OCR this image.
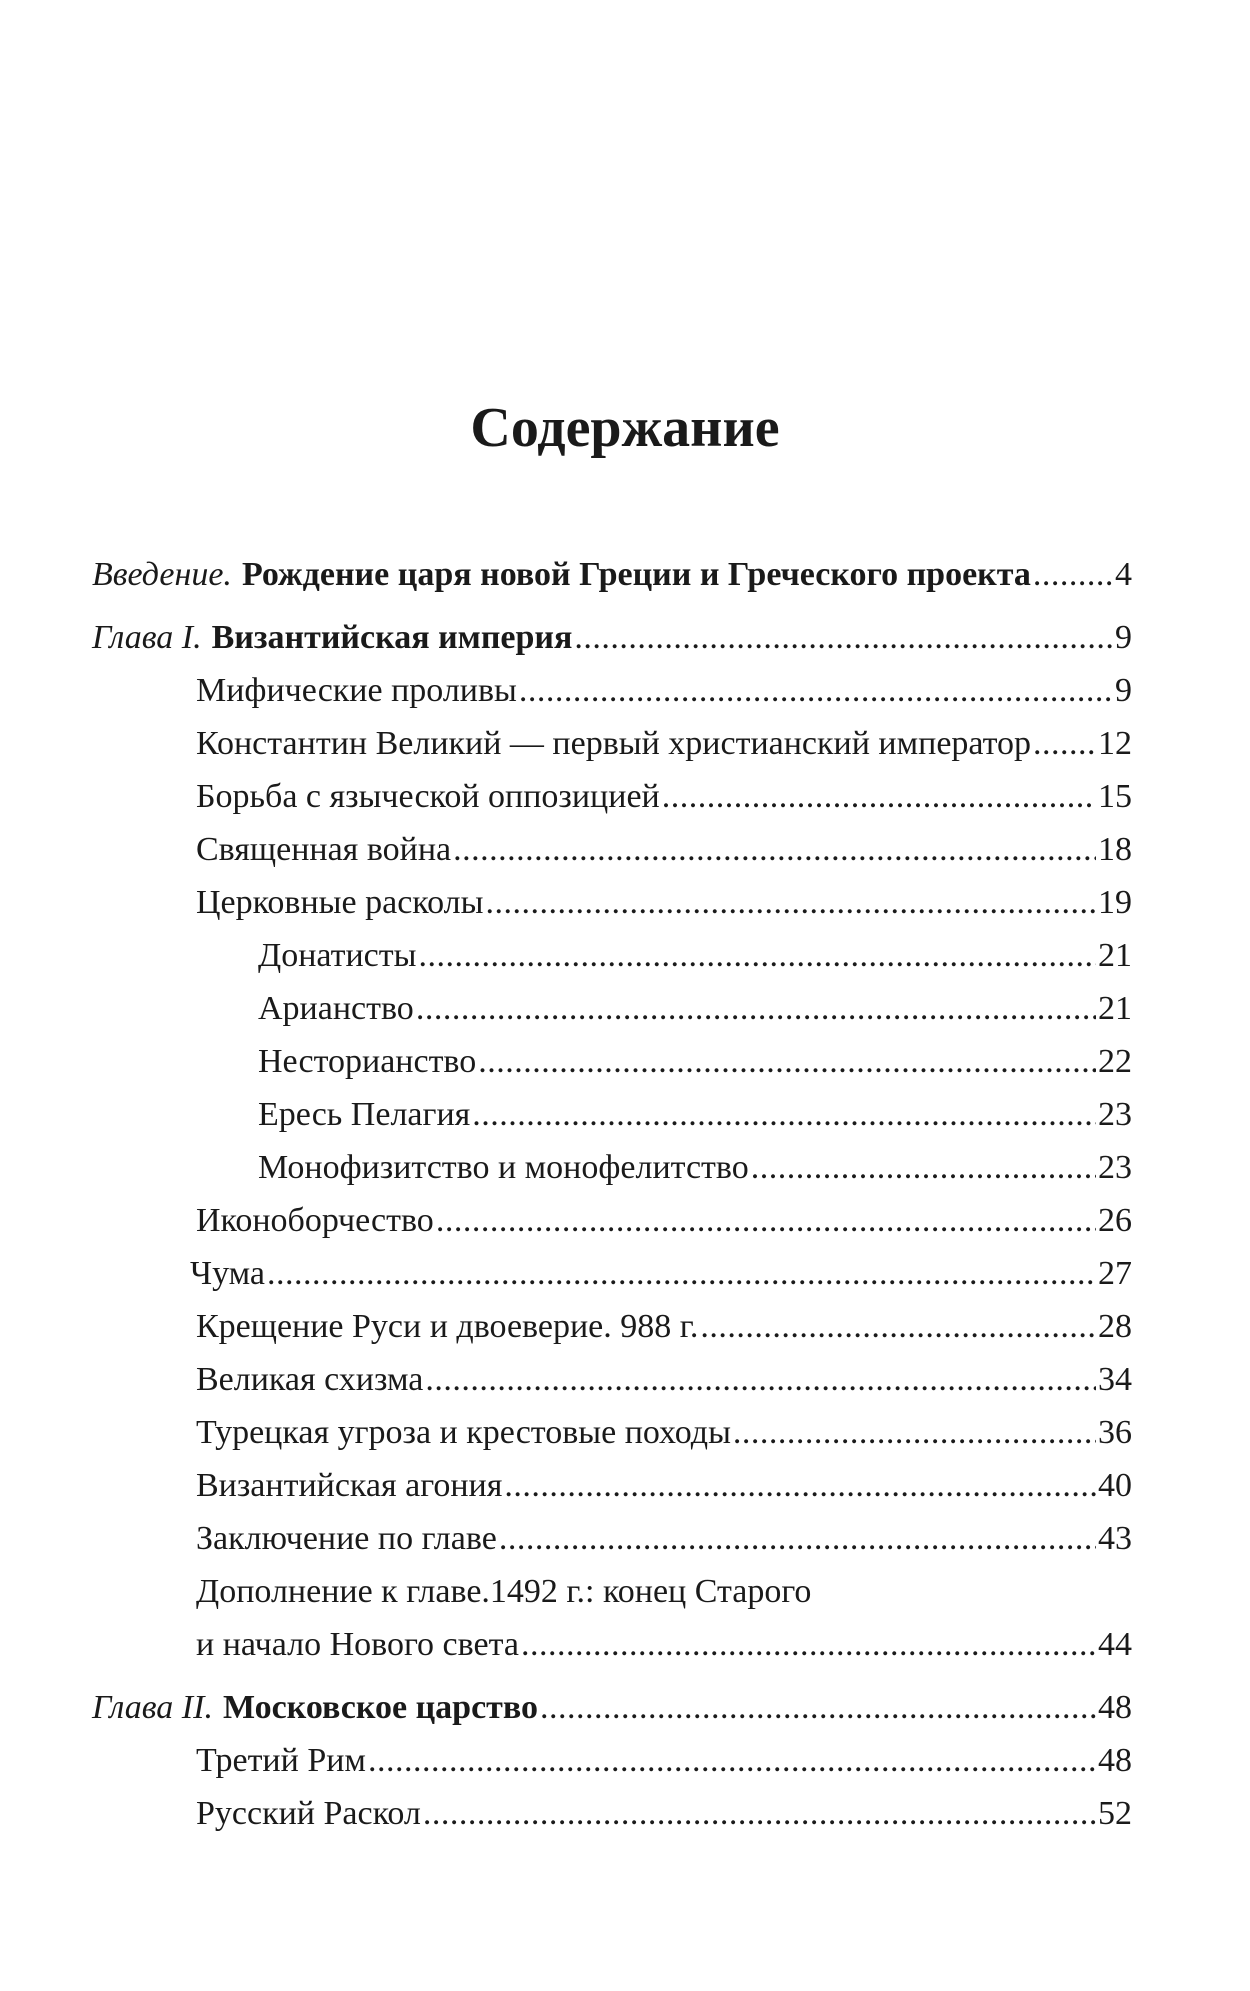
Содержание
Введение. Рождение царя новой Греции и Греческого проекта . . . 4
Глава I. Византийская империя . . .	9
Мифические проливы . . .	9
Константин Великий — первый христианский император . . . 12
Борьба с языческой оппозицией . . .	15
Священная война . . .	18
Церковные расколы . . .	19
Донатисты . . .	21
Арианство . . .	21
Несторианство . . .	22
Ересь Пелагия . . .	23
Монофизитство и монофелитство . . .	23
Иконоборчество . . .	26
Чума . . .	27
Крещение Руси и двоеверие. 988 г. . . .	28
Великая схизма . . .	34
Турецкая угроза и крестовые походы . . .	36
Византийская агония . . .	40
Заключение по главе . . .	43
Дополнение к главе.1492 г.: конец Старого
и начало Нового света . . .	44
Глава II. Московское царство . . .	48
Третий Рим . . .	48
Русский Раскол . . .	52
